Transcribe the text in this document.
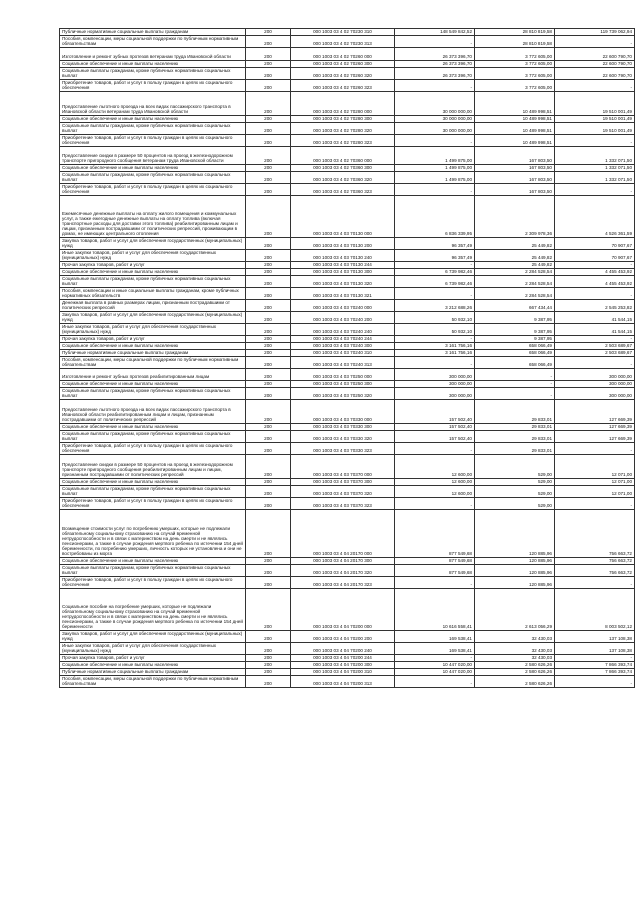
Публичные нормативные социальные выплаты гражданам	200	000 1003 03 4 02 70230 310	148 549 842,52	28 810 819,58	119 739 062,94
Пособия, компенсации, меры социальной поддержки по публичным нормативным обязательствам	200	000 1003 03 4 02 70230 313	-	28 810 819,58	-
Изготовление и ремонт зубных протезов ветеранам труда Ивановской области	200	000 1003 03 4 02 70260 000	26 373 396,70	3 772 605,00	22 600 790,70
Социальное обеспечение и иные выплаты населению	200	000 1003 03 4 02 70260 300	26 373 396,70	3 772 605,00	22 600 790,70
Социальные выплаты гражданам, кроме публичных нормативных социальных выплат	200	000 1003 03 4 02 70260 320	26 373 396,70	3 772 605,00	22 600 790,70
Приобретение товаров, работ и услуг в пользу граждан в целях их социального обеспечения	200	000 1003 03 4 02 70260 323	-	3 772 605,00	-
Предоставление льготного проезда на всех видах пассажирского транспорта в Ивановской области ветеранам труда Ивановской области	200	000 1003 03 4 02 70280 000	30 000 000,00	10 489 998,51	19 510 001,49
Социальное обеспечение и иные выплаты населению	200	000 1003 03 4 02 70280 300	30 000 000,00	10 489 998,51	19 510 001,49
Социальные выплаты гражданам, кроме публичных нормативных социальных выплат	200	000 1003 03 4 02 70280 320	30 000 000,00	10 489 998,51	19 510 001,49
Приобретение товаров, работ и услуг в пользу граждан в целях их социального обеспечения	200	000 1003 03 4 02 70280 323	-	10 489 998,51	-
Предоставление скидки в размере 50 процентов на проезд в железнодорожном транспорте пригородного сообщения ветеранам труда Ивановской области	200	000 1003 03 4 02 70360 000	1 499 875,00	167 803,50	1 332 071,50
Социальное обеспечение и иные выплаты населению	200	000 1003 03 4 02 70360 300	1 499 875,00	167 803,50	1 332 071,50
Социальные выплаты гражданам, кроме публичных нормативных социальных выплат	200	000 1003 03 4 02 70360 320	1 499 875,00	167 803,50	1 332 071,50
Приобретение товаров, работ и услуг в пользу граждан в целях их социального обеспечения	200	000 1003 03 4 02 70360 323	-	167 803,50	-
Ежемесячные денежные выплаты на оплату жилого помещения и коммунальных услуг, а также ежегодные денежные выплаты на оплату топлива (включая транспортные расходы для доставки этого топлива) реабилитированным лицам и лицам, признанным пострадавшими от политических репрессий, проживающим в домах, не имеющих центрального отопления	200	000 1003 03 4 03 70130 000	6 836 339,95	2 309 978,36	4 526 361,59
Закупка товаров, работ и услуг для обеспечения государственных (муниципальных) нужд	200	000 1003 03 4 03 70130 200	96 357,49	25 449,82	70 907,67
Иные закупки товаров, работ и услуг для обеспечения государственных (муниципальных) нужд	200	000 1003 03 4 03 70130 240	96 357,49	25 449,82	70 907,67
Прочая закупка товаров, работ и услуг	200	000 1003 03 4 03 70130 244	-	25 449,82	-
Социальное обеспечение и иные выплаты населению	200	000 1003 03 4 03 70130 300	6 739 982,46	2 284 528,54	4 455 453,92
Социальные выплаты гражданам, кроме публичных нормативных социальных выплат	200	000 1003 03 4 03 70130 320	6 739 982,46	2 284 528,54	4 455 453,92
Пособия, компенсации и иные социальные выплаты гражданам, кроме публичных нормативных обязательств	200	000 1003 03 4 03 70130 321	-	2 284 528,54	-
Денежная выплата в равных размерах лицам, признанным пострадавшими от политических репрессий	200	000 1003 03 4 03 70240 000	3 212 688,26	667 434,44	2 545 253,82
Закупка товаров, работ и услуг для обеспечения государственных (муниципальных) нужд	200	000 1003 03 4 03 70240 200	50 932,10	9 387,95	41 544,15
Иные закупки товаров, работ и услуг для обеспечения государственных (муниципальных) нужд	200	000 1003 03 4 03 70240 240	50 932,10	9 387,95	41 544,15
Прочая закупка товаров, работ и услуг	200	000 1003 03 4 03 70240 244	-	9 387,95	-
Социальное обеспечение и иные выплаты населению	200	000 1003 03 4 03 70240 300	3 161 756,16	658 066,49	2 503 689,67
Публичные нормативные социальные выплаты гражданам	200	000 1003 03 4 03 70240 310	3 161 756,16	658 066,49	2 503 689,67
Пособия, компенсации, меры социальной поддержки по публичным нормативным обязательствам	200	000 1003 03 4 03 70240 313	-	658 066,49	-
Изготовление и ремонт зубных протезов реабилитированным лицам	200	000 1003 03 4 03 70250 000	300 000,00	-	300 000,00
Социальное обеспечение и иные выплаты населению	200	000 1003 03 4 03 70250 300	300 000,00	-	300 000,00
Социальные выплаты гражданам, кроме публичных нормативных социальных выплат	200	000 1003 03 4 03 70250 320	300 000,00	-	300 000,00
Предоставление льготного проезда на всех видах пассажирского транспорта в Ивановской области реабилитированным лицам и лицам, признанным пострадавшими от политических репрессий	200	000 1003 03 4 03 70330 000	157 502,40	29 833,01	127 669,39
Социальное обеспечение и иные выплаты населению	200	000 1003 03 4 03 70330 300	157 502,40	29 833,01	127 669,39
Социальные выплаты гражданам, кроме публичных нормативных социальных выплат	200	000 1003 03 4 03 70330 320	157 502,40	29 833,01	127 669,39
Приобретение товаров, работ и услуг в пользу граждан в целях их социального обеспечения	200	000 1003 03 4 03 70330 323	-	29 833,01	-
Предоставление скидки в размере 50 процентов на проезд в железнодорожном транспорте пригородного сообщения реабилитированным лицам и лицам, признанным пострадавшими от политических репрессий	200	000 1003 03 4 03 70370 000	12 600,00	529,00	12 071,00
Социальное обеспечение и иные выплаты населению	200	000 1003 03 4 03 70370 300	12 600,00	529,00	12 071,00
Социальные выплаты гражданам, кроме публичных нормативных социальных выплат	200	000 1003 03 4 03 70370 320	12 600,00	529,00	12 071,00
Приобретение товаров, работ и услуг в пользу граждан в целях их социального обеспечения	200	000 1003 03 4 03 70370 323	-	529,00	-
Возмещение стоимости услуг по погребению умерших, которые не подлежали обязательному социальному страхованию на случай временной нетрудоспособности и в связи с материнством на день смерти и не являлись пенсионерами, а также в случае рождения мертвого ребенка по истечении 154 дней беременности, по погребению умерших, личность которых не установлена и они не востребованы из морга	200	000 1003 03 4 04 20170 000	877 549,68	120 885,96	756 663,72
Социальное обеспечение и иные выплаты населению	200	000 1003 03 4 04 20170 300	877 549,68	120 885,96	756 663,72
Социальные выплаты гражданам, кроме публичных нормативных социальных выплат	200	000 1003 03 4 04 20170 320	877 549,68	120 885,96	756 663,72
Приобретение товаров, работ и услуг в пользу граждан в целях их социального обеспечения	200	000 1003 03 4 04 20170 323	-	120 885,96	-
Социальное пособие на погребение умерших, которые не подлежали обязательному социальному страхованию на случай временной нетрудоспособности и в связи с материнством на день смерти и не являлись пенсионерами, а также в случае рождения мертвого ребенка по истечении 154 дней беременности	200	000 1003 03 4 04 70200 000	10 616 558,41	2 613 056,29	8 003 502,12
Закупка товаров, работ и услуг для обеспечения государственных (муниципальных) нужд	200	000 1003 03 4 04 70200 200	169 538,41	32 430,03	137 108,38
Иные закупки товаров, работ и услуг для обеспечения государственных (муниципальных) нужд	200	000 1003 03 4 04 70200 240	169 538,41	32 430,03	137 108,38
Прочая закупка товаров, работ и услуг	200	000 1003 03 4 04 70200 244	-	32 430,03	-
Социальное обеспечение и иные выплаты населению	200	000 1003 03 4 04 70200 300	10 447 020,00	2 580 626,26	7 866 393,74
Публичные нормативные социальные выплаты гражданам	200	000 1003 03 4 04 70200 310	10 447 020,00	2 580 626,26	7 866 393,74
Пособия, компенсации, меры социальной поддержки по публичным нормативным обязательствам	200	000 1003 03 4 04 70200 313	-	2 580 626,26	-
